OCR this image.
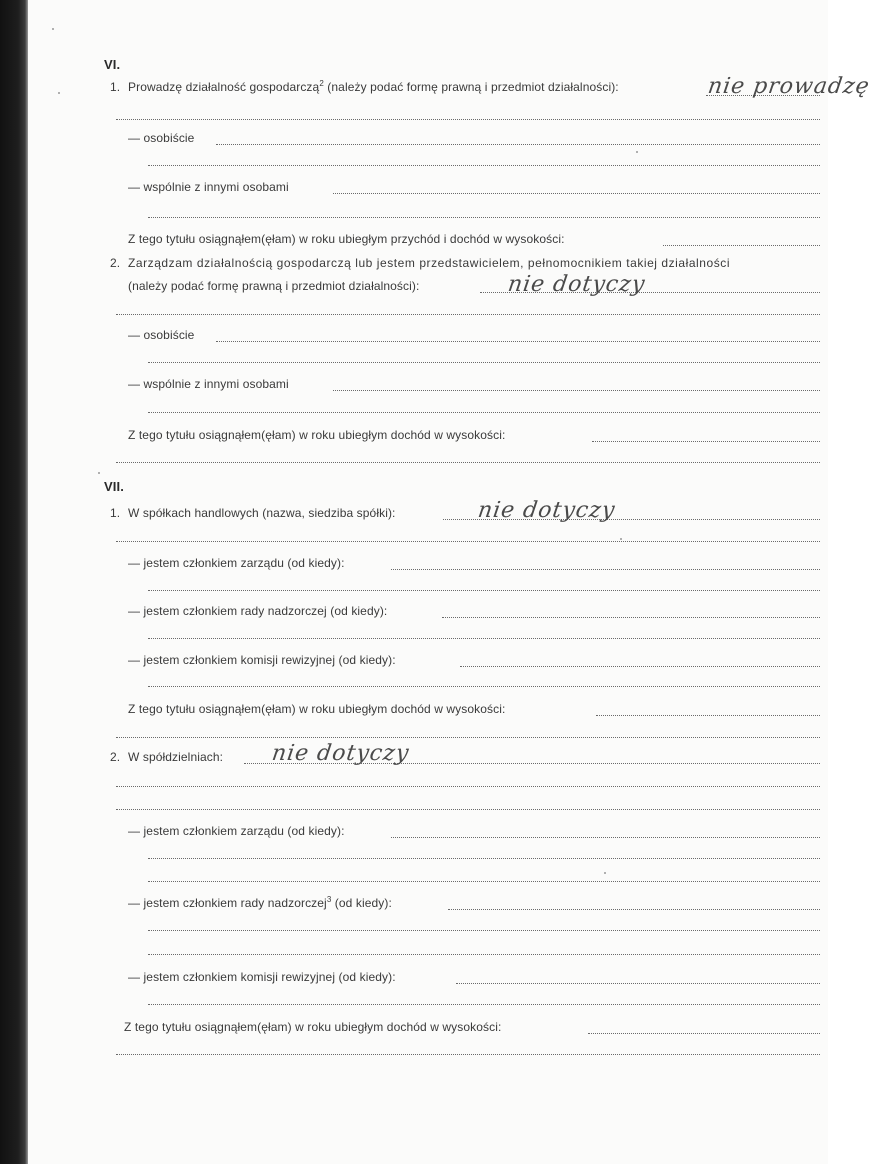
VI.
1. Prowadzę działalność gospodarczą$^2$ (należy podać formę prawną i przedmiot działalności):	nie prowadzę
— osobiście
— wspólnie z innymi osobami
Z tego tytułu osiągnąłem(ęłam) w roku ubiegłym przychód i dochód w wysokości:
2. Zarządzam działalnością gospodarczą lub jestem przedstawicielem, pełnomocnikiem takiej działalności
(należy podać formę prawną i przedmiot działalności):	nie dotyczy
— osobiście
— wspólnie z innymi osobami
Z tego tytułu osiągnąłem(ęłam) w roku ubiegłym dochód w wysokości:
VII.
1. W spółkach handlowych (nazwa, siedziba spółki):	nie dotyczy
— jestem członkiem zarządu (od kiedy):
— jestem członkiem rady nadzorczej (od kiedy):
— jestem członkiem komisji rewizyjnej (od kiedy):
Z tego tytułu osiągnąłem(ęłam) w roku ubiegłym dochód w wysokości:
2. W spółdzielniach: nie dotyczy
— jestem członkiem zarządu (od kiedy):
— jestem członkiem rady nadzorczej$^3$ (od kiedy):
— jestem członkiem komisji rewizyjnej (od kiedy):
Z tego tytułu osiągnąłem(ęłam) w roku ubiegłym dochód w wysokości:
